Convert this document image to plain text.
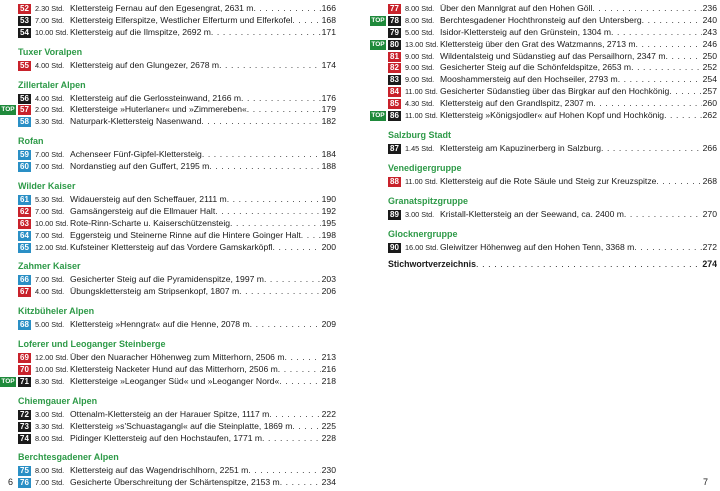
52 2.30 Std. Klettersteig Fernau auf den Egesengrat, 2631 m . . .	166
53 7.00 Std. Klettersteig Elferspitze, Westlicher Elferturm und Elferkofel . . .	168
54 10.00 Std. Klettersteig auf die Ilmspitze, 2692 m . . .	171
Tuxer Voralpen
55 4.00 Std. Klettersteig auf den Glungezer, 2678 m . . .	174
Zillertaler Alpen
56 4.00 Std. Klettersteig auf die Gerlossteinwand, 2166 m . . .	176
TOP 57 2.00 Std. Klettersteige »Huterlaner« und »Zimmereben« . . .	179
58 3.30 Std. Naturpark-Klettersteig Nasenwand . . .	182
Rofan
59 7.00 Std. Achenseer Fünf-Gipfel-Klettersteig . . .	184
60 7.00 Std. Nordanstieg auf den Guffert, 2195 m . . .	188
Wilder Kaiser
61 5.30 Std. Widauersteig auf den Scheffauer, 2111 m . . .	190
62 7.00 Std. Gamsängersteig auf die Ellmauer Halt . . .	192
63 10.00 Std. Rote-Rinn-Scharte u. Kaiserschützensteig . . .	195
64 7.00 Std. Eggersteig und Steinerne Rinne auf die Hintere Goinger Halt . . . 198
65 12.00 Std. Kufsteiner Klettersteig auf das Vordere Gamskarköpfl . . .	200
Zahmer Kaiser
66 7.00 Std. Gesicherter Steig auf die Pyramidenspitze, 1997 m . . .	203
67 4.00 Std. Übungsklettersteig am Stripsenkopf, 1807 m . . .	206
Kitzbüheler Alpen
68 5.00 Std. Klettersteig »Henngrat« auf die Henne, 2078 m . . .	209
Loferer und Leoganger Steinberge
69 12.00 Std. Über den Nuaracher Höhenweg zum Mitterhorn, 2506 m . . .	213
70 10.00 Std. Klettersteig Nacketer Hund auf das Mitterhorn, 2506 m . . .	216
TOP 71 8.30 Std. Klettersteige »Leoganger Süd« und »Leoganger Nord« . . .	218
Chiemgauer Alpen
72 3.00 Std. Ottenalm-Klettersteig an der Harauer Spitze, 1117 m . . .	222
73 3.30 Std. Klettersteig »s'Schuastagangl« auf die Steinplatte, 1869 m . . .	225
74 8.00 Std. Pidinger Klettersteig auf den Hochstaufen, 1771 m . . .	228
Berchtesgadener Alpen
75 8.00 Std. Klettersteig auf das Wagendrischlhorn, 2251 m . . .	230
76 7.00 Std. Gesicherte Überschreitung der Schärtenspitze, 2153 m . . .	234
77 8.00 Std. Über den Mannlgrat auf den Hohen Göll . . .	236
TOP 78 8.00 Std. Berchtesgadener Hochthronsteig auf den Untersberg . . .	240
79 5.00 Std. Isidor-Klettersteig auf den Grünstein, 1304 m . . .	243
TOP 80 13.00 Std. Klettersteig über den Grat des Watzmanns, 2713 m . . .	246
81 9.00 Std. Wildentalsteig und Südanstieg auf das Persailhorn, 2347 m . . .	250
82 9.00 Std. Gesicherter Steig auf die Schönfeldspitze, 2653 m . . .	252
83 9.00 Std. Mooshammersteig auf den Hochseiler, 2793 m . . .	254
84 11.00 Std. Gesicherter Südanstieg über das Birgkar auf den Hochkönig . . .	257
85 4.30 Std. Klettersteig auf den Grandlspitz, 2307 m . . .	260
TOP 86 11.00 Std. Klettersteig »Königsjodler« auf Hohen Kopf und Hochkönig . . .	262
Salzburg Stadt
87 1.45 Std. Klettersteig am Kapuzinerberg in Salzburg . . .	266
Venedigergruppe
88 11.00 Std. Klettersteig auf die Rote Säule und Steig zur Kreuzspitze . . .	268
Granatspitzgruppe
89 3.00 Std. Kristall-Klettersteig an der Seewand, ca. 2400 m . . .	270
Glocknergruppe
90 16.00 Std. Gleiwitzer Höhenweg auf den Hohen Tenn, 3368 m . . .	272
Stichwortverzeichnis . . .	274
6	7
